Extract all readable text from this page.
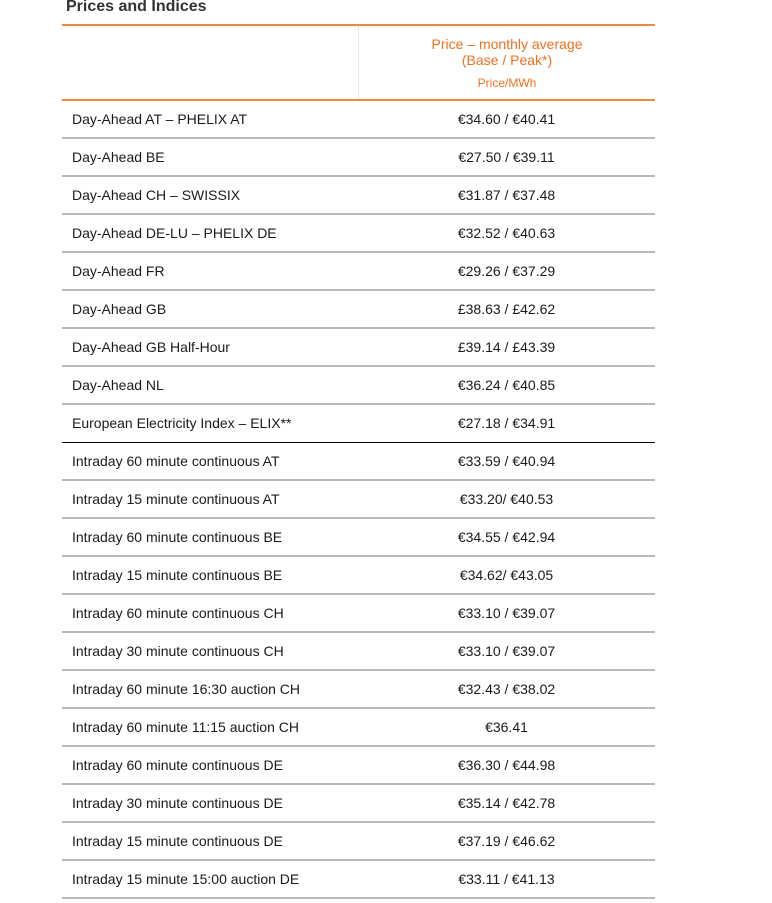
Prices and Indices
Price – monthly average
(Base / Peak*)
Price/MWh
Day-Ahead AT – PHELIX AT	€34.60 / €40.41
Day-Ahead BE	€27.50 / €39.11
Day-Ahead CH – SWISSIX	€31.87 / €37.48
Day-Ahead DE-LU – PHELIX DE	€32.52 / €40.63
Day-Ahead FR	€29.26 / €37.29
Day-Ahead GB	£38.63 / £42.62
Day-Ahead GB Half-Hour	£39.14 / £43.39
Day-Ahead NL	€36.24 / €40.85
European Electricity Index – ELIX**	€27.18 / €34.91
Intraday 60 minute continuous AT	€33.59 / €40.94
Intraday 15 minute continuous AT	€33.20/ €40.53
Intraday 60 minute continuous BE	€34.55 / €42.94
Intraday 15 minute continuous BE	€34.62/ €43.05
Intraday 60 minute continuous CH	€33.10 / €39.07
Intraday 30 minute continuous CH	€33.10 / €39.07
Intraday 60 minute 16:30 auction CH	€32.43 / €38.02
Intraday 60 minute 11:15 auction CH	€36.41
Intraday 60 minute continuous DE	€36.30 / €44.98
Intraday 30 minute continuous DE	€35.14 / €42.78
Intraday 15 minute continuous DE	€37.19 / €46.62
Intraday 15 minute 15:00 auction DE	€33.11 / €41.13
